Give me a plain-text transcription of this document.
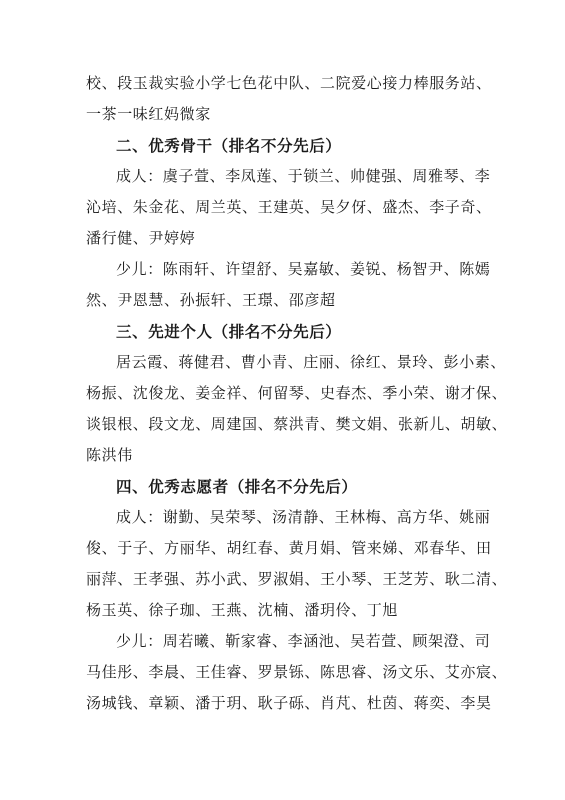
校、段玉裁实验小学七色花中队、二院爱心接力棒服务站、
一茶一味红妈微家

二、优秀骨干（排名不分先后）

成人：虞子萱、李凤莲、于锁兰、帅健强、周雅琴、李
沁培、朱金花、周兰英、王建英、吴夕伢、盛杰、李子奇、
潘行健、尹婷婷

少儿：陈雨轩、许望舒、吴嘉敏、姜锐、杨智尹、陈嫣
然、尹恩慧、孙振轩、王璟、邵彦超

三、先进个人（排名不分先后）

居云霞、蒋健君、曹小青、庄丽、徐红、景玲、彭小素、
杨振、沈俊龙、姜金祥、何留琴、史春杰、季小荣、谢才保、
谈银根、段文龙、周建国、蔡洪青、樊文娟、张新儿、胡敏、
陈洪伟

四、优秀志愿者（排名不分先后）

成人：谢勤、吴荣琴、汤清静、王林梅、高方华、姚丽
俊、于子、方丽华、胡红春、黄月娟、管来娣、邓春华、田
丽萍、王孝强、苏小武、罗淑娟、王小琴、王芝芳、耿二清、
杨玉英、徐子珈、王燕、沈楠、潘玥伶、丁旭

少儿：周若曦、靳家睿、李涵池、吴若萱、顾架澄、司
马佳彤、李晨、王佳睿、罗景铄、陈思睿、汤文乐、艾亦宸、
汤城钱、章颖、潘于玥、耿子砾、肖芃、杜茵、蒋奕、李昊
